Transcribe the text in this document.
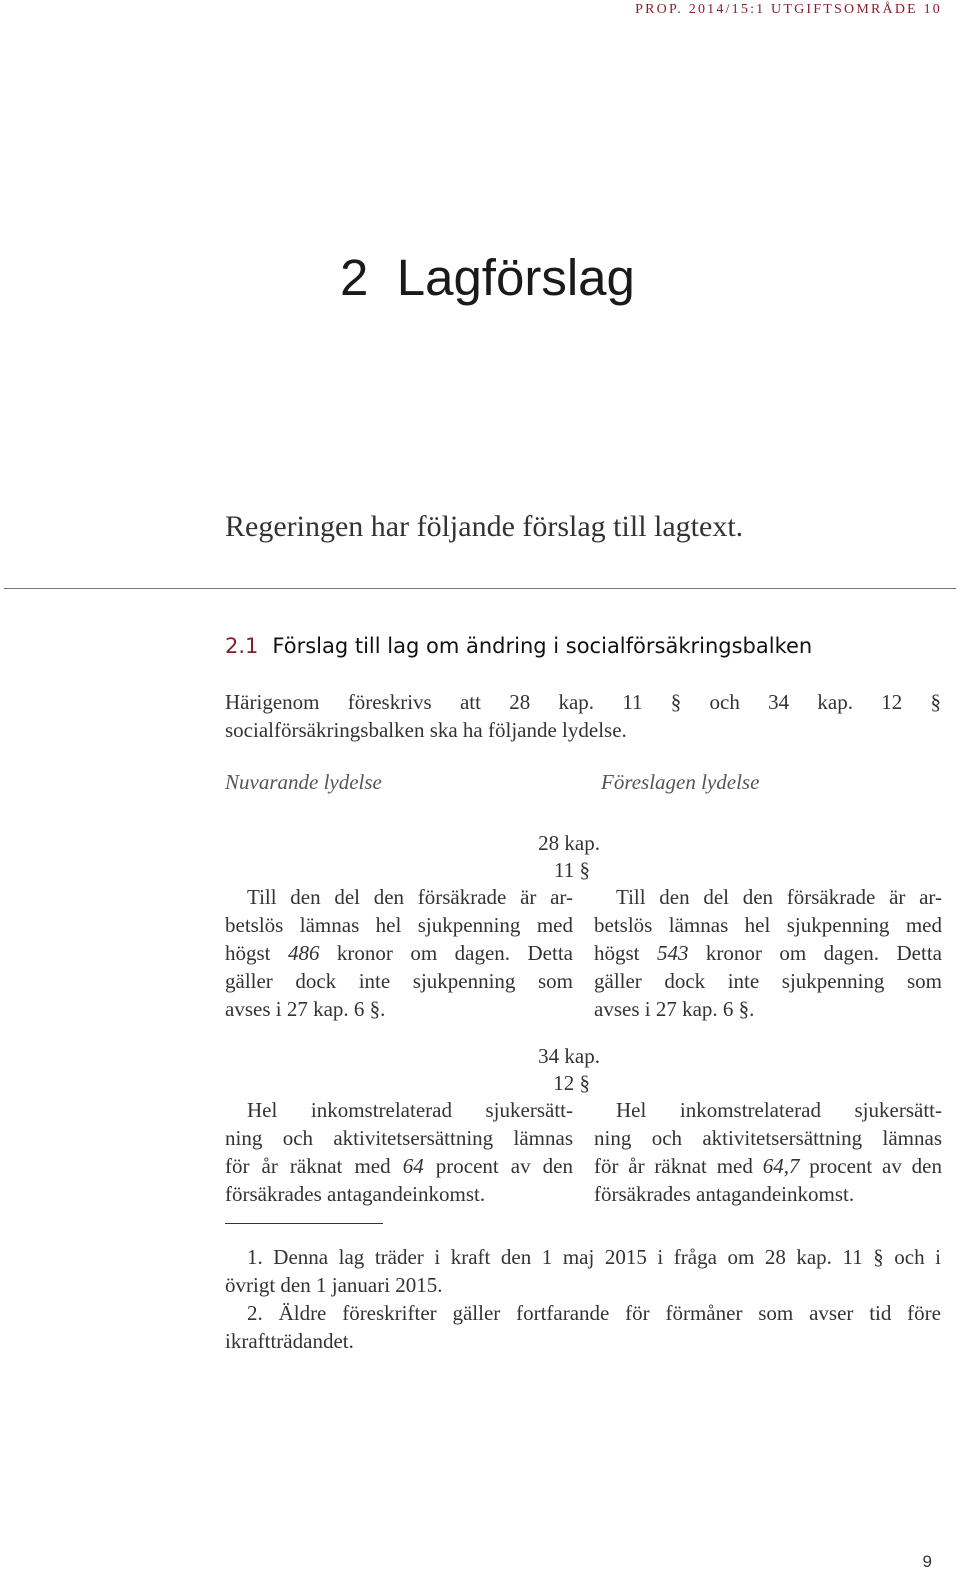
PROP. 2014/15:1 UTGIFTSOMRÅDE 10
2 Lagförslag
Regeringen har följande förslag till lagtext.
2.1 Förslag till lag om ändring i socialförsäkringsbalken
Härigenom föreskrivs att 28 kap. 11 § och 34 kap. 12 §
socialförsäkringsbalken ska ha följande lydelse.
Nuvarande lydelse	Föreslagen lydelse
28 kap.
11 §
Till den del den försäkrade är ar-
betslös lämnas hel sjukpenning med
högst 486 kronor om dagen. Detta
gäller dock inte sjukpenning som
avses i 27 kap. 6 §.
Till den del den försäkrade är ar-
betslös lämnas hel sjukpenning med
högst 543 kronor om dagen. Detta
gäller dock inte sjukpenning som
avses i 27 kap. 6 §.
34 kap.
12 §
Hel inkomstrelaterad sjukersätt-
ning och aktivitetsersättning lämnas
för år räknat med 64 procent av den
försäkrades antagandeinkomst.
Hel inkomstrelaterad sjukersätt-
ning och aktivitetsersättning lämnas
för år räknat med 64,7 procent av den
försäkrades antagandeinkomst.
1. Denna lag träder i kraft den 1 maj 2015 i fråga om 28 kap. 11 § och i
övrigt den 1 januari 2015.
2. Äldre föreskrifter gäller fortfarande för förmåner som avser tid före
ikraftträdandet.
9
